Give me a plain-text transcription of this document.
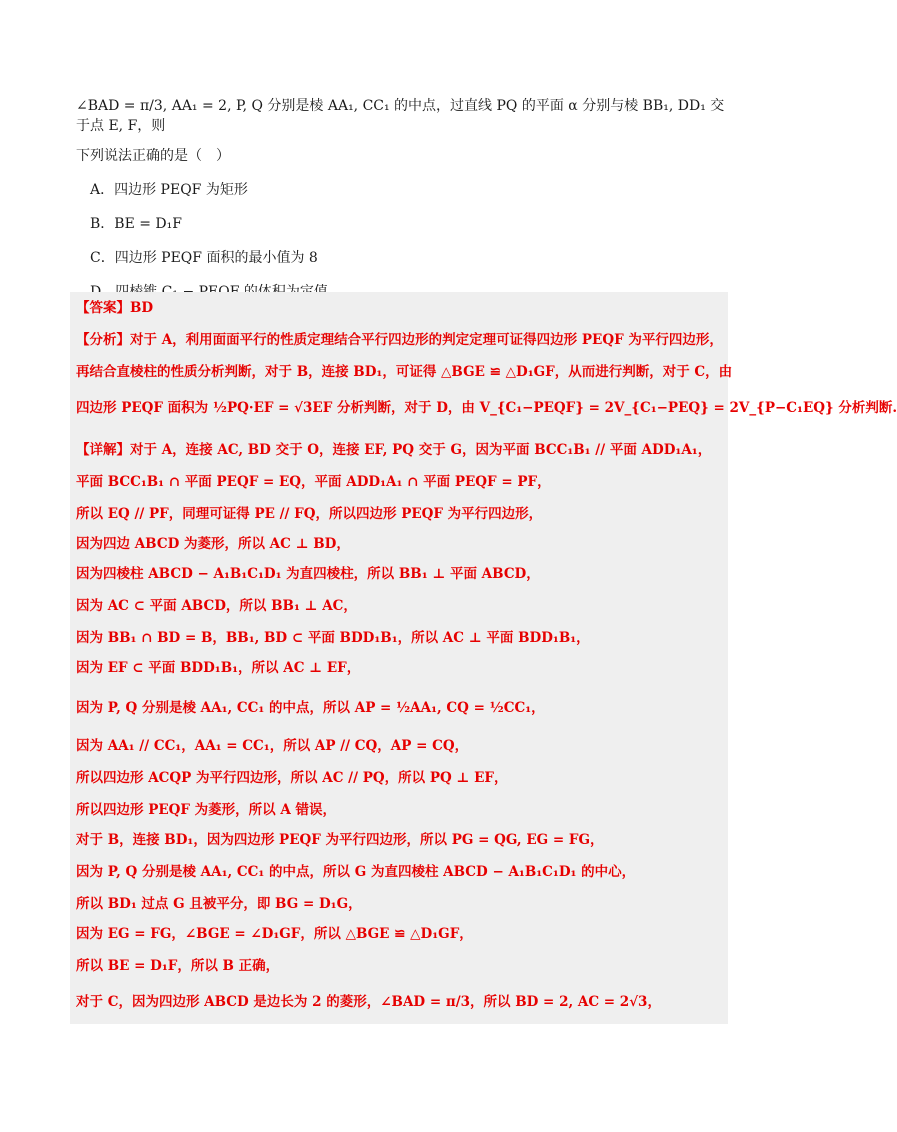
∠BAD = π/3, AA₁ = 2, P, Q 分别是棱 AA₁, CC₁ 的中点，过直线 PQ 的平面 α 分别与棱 BB₁, DD₁ 交于点 E, F，则

下列说法正确的是（　）

A．四边形 PEQF 为矩形
B．BE = D₁F
C．四边形 PEQF 面积的最小值为 8
【答案】BD
【分析】对于 A，利用面面平行的性质定理结合平行四边形的判定定理可证得四边形 PEQF 为平行四边形，
再结合直棱柱的性质分析判断，对于 B，连接 BD₁，可证得 △BGE ≌ △D₁GF，从而进行判断，对于 C，由
四边形 PEQF 面积为 ½PQ·EF = √3EF 分析判断，对于 D，由 V_{C₁−PEQF} = 2V_{C₁−PEQ} = 2V_{P−C₁EQ} 分析判断.
【详解】对于 A，连接 AC, BD 交于 O，连接 EF, PQ 交于 G，因为平面 BCC₁B₁ // 平面 ADD₁A₁，
平面 BCC₁B₁ ∩ 平面 PEQF = EQ，平面 ADD₁A₁ ∩ 平面 PEQF = PF，
所以 EQ // PF，同理可证得 PE // FQ，所以四边形 PEQF 为平行四边形，
因为四边 ABCD 为菱形，所以 AC ⊥ BD，
因为四棱柱 ABCD − A₁B₁C₁D₁ 为直四棱柱，所以 BB₁ ⊥ 平面 ABCD，
因为 AC ⊂ 平面 ABCD，所以 BB₁ ⊥ AC，
因为 BB₁ ∩ BD = B，BB₁, BD ⊂ 平面 BDD₁B₁，所以 AC ⊥ 平面 BDD₁B₁，
因为 EF ⊂ 平面 BDD₁B₁，所以 AC ⊥ EF，
因为 P, Q 分别是棱 AA₁, CC₁ 的中点，所以 AP = ½AA₁, CQ = ½CC₁，
因为 AA₁ // CC₁，AA₁ = CC₁，所以 AP // CQ，AP = CQ，
所以四边形 ACQP 为平行四边形，所以 AC // PQ，所以 PQ ⊥ EF，
所以四边形 PEQF 为菱形，所以 A 错误，
对于 B，连接 BD₁，因为四边形 PEQF 为平行四边形，所以 PG = QG, EG = FG，
因为 P, Q 分别是棱 AA₁, CC₁ 的中点，所以 G 为直四棱柱 ABCD − A₁B₁C₁D₁ 的中心，
所以 BD₁ 过点 G 且被平分，即 BG = D₁G，
因为 EG = FG，∠BGE = ∠D₁GF，所以 △BGE ≌ △D₁GF，
所以 BE = D₁F，所以 B 正确，
对于 C，因为四边形 ABCD 是边长为 2 的菱形，∠BAD = π/3，所以 BD = 2, AC = 2√3，
